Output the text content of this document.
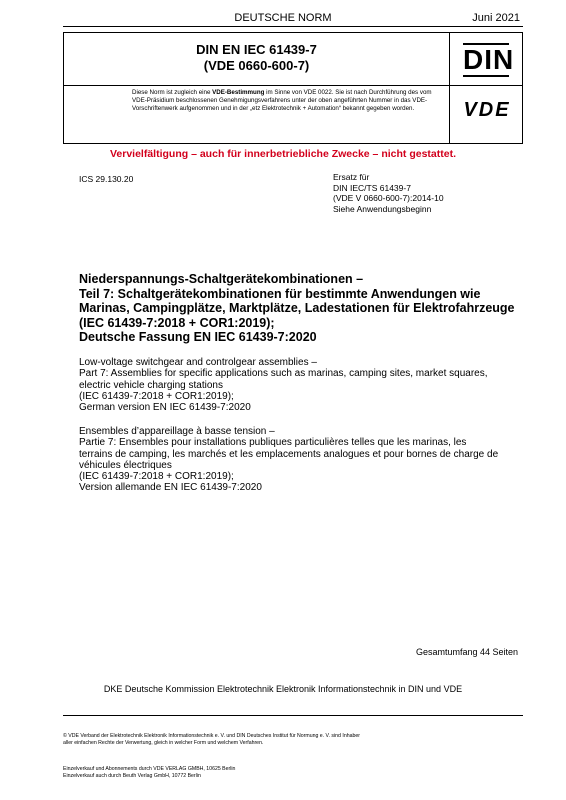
DEUTSCHE NORM	Juni 2021
DIN EN IEC 61439-7
(VDE 0660-600-7)	DIN
Diese Norm ist zugleich eine VDE-Bestimmung im Sinne von VDE 0022. Sie ist nach Durchführung des vom VDE-Präsidium beschlossenen Genehmigungsverfahrens unter der oben angeführten Nummer in das VDE-Vorschriftenwerk aufgenommen und in der „etz Elektrotechnik + Automation“ bekannt gegeben worden.	VDE
Vervielfältigung – auch für innerbetriebliche Zwecke – nicht gestattet.
ICS 29.130.20	Ersatz für
DIN IEC/TS 61439-7
(VDE V 0660-600-7):2014-10
Siehe Anwendungsbeginn
Niederspannungs-Schaltgerätekombinationen –
Teil 7: Schaltgerätekombinationen für bestimmte Anwendungen wie
Marinas, Campingplätze, Marktplätze, Ladestationen für Elektrofahrzeuge
(IEC 61439-7:2018 + COR1:2019);
Deutsche Fassung EN IEC 61439-7:2020
Low-voltage switchgear and controlgear assemblies –
Part 7: Assemblies for specific applications such as marinas, camping sites, market squares,
electric vehicle charging stations
(IEC 61439-7:2018 + COR1:2019);
German version EN IEC 61439-7:2020
Ensembles d’appareillage à basse tension –
Partie 7: Ensembles pour installations publiques particulières telles que les marinas, les
terrains de camping, les marchés et les emplacements analogues et pour bornes de charge de
véhicules électriques
(IEC 61439-7:2018 + COR1:2019);
Version allemande EN IEC 61439-7:2020
Gesamtumfang 44 Seiten
DKE Deutsche Kommission Elektrotechnik Elektronik Informationstechnik in DIN und VDE
© VDE Verband der Elektrotechnik Elektronik Informationstechnik e. V. und DIN Deutsches Institut für Normung e. V. sind Inhaber
aller einfachen Rechte der Verwertung, gleich in welcher Form und welchem Verfahren.
Einzelverkauf und Abonnements durch VDE VERLAG GMBH, 10625 Berlin
Einzelverkauf auch durch Beuth Verlag GmbH, 10772 Berlin
